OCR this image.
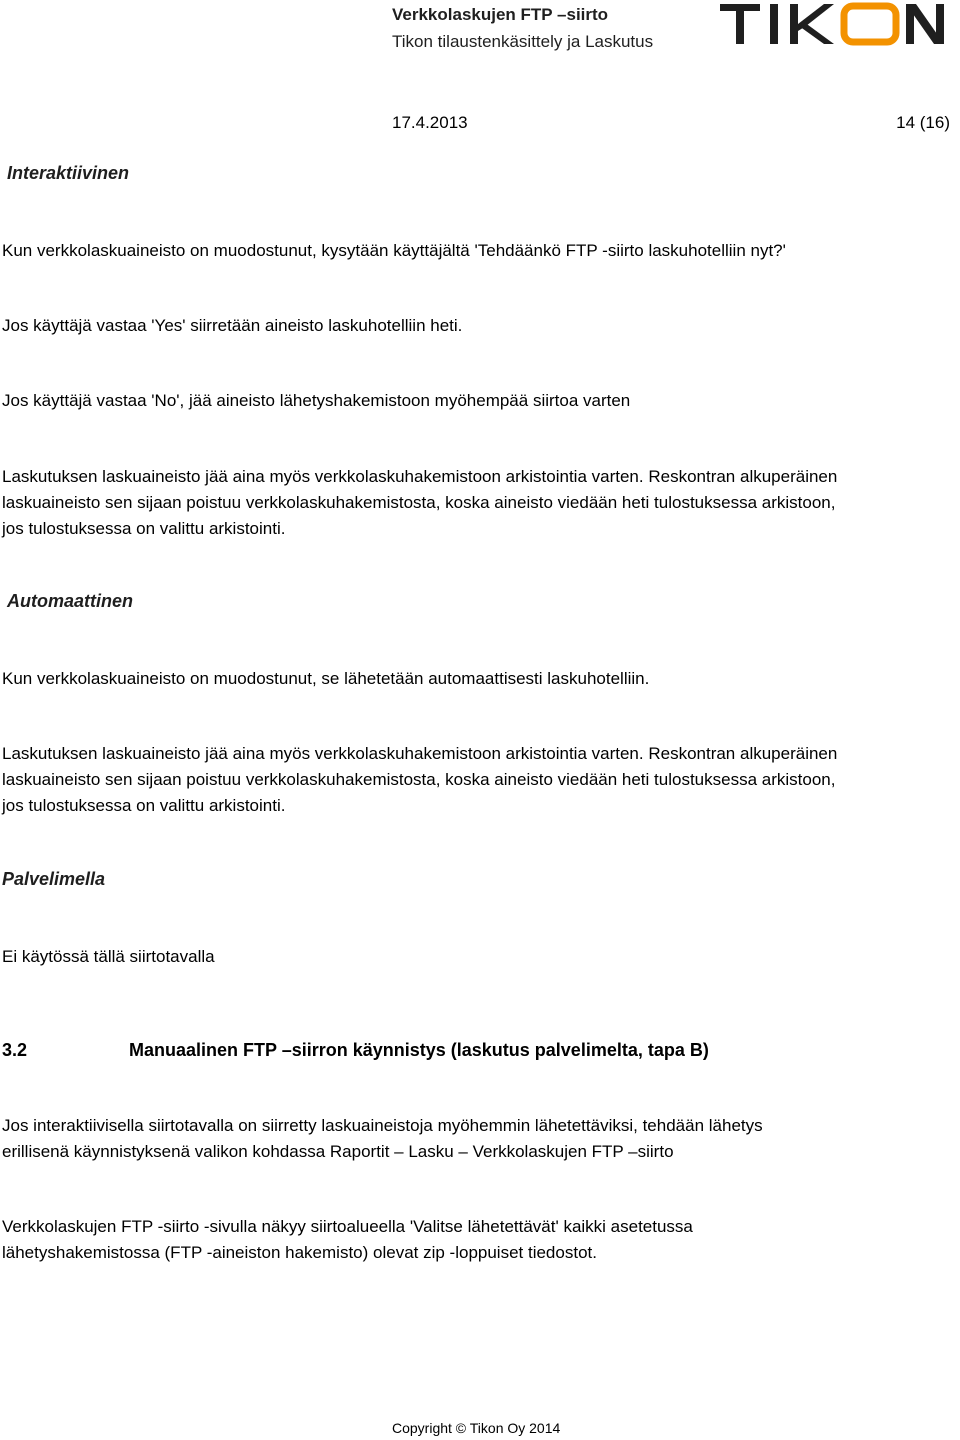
Verkkolaskujen FTP –siirto
Tikon tilaustenkäsittely ja Laskutus
17.4.2013	14 (16)
Interaktiivinen
Kun verkkolaskuaineisto on muodostunut, kysytään käyttäjältä 'Tehdäänkö FTP -siirto laskuhotelliin nyt?'
Jos käyttäjä vastaa 'Yes' siirretään aineisto laskuhotelliin heti.
Jos käyttäjä vastaa 'No', jää aineisto lähetyshakemistoon myöhempää siirtoa varten
Laskutuksen laskuaineisto jää aina myös verkkolaskuhakemistoon arkistointia varten. Reskontran alkuperäinen
laskuaineisto sen sijaan poistuu verkkolaskuhakemistosta, koska aineisto viedään heti tulostuksessa arkistoon,
jos tulostuksessa on valittu arkistointi.
Automaattinen
Kun verkkolaskuaineisto on muodostunut, se lähetetään automaattisesti laskuhotelliin.
Laskutuksen laskuaineisto jää aina myös verkkolaskuhakemistoon arkistointia varten. Reskontran alkuperäinen
laskuaineisto sen sijaan poistuu verkkolaskuhakemistosta, koska aineisto viedään heti tulostuksessa arkistoon,
jos tulostuksessa on valittu arkistointi.
Palvelimella
Ei käytössä tällä siirtotavalla
3.2	Manuaalinen FTP –siirron käynnistys (laskutus palvelimelta, tapa B)
Jos interaktiivisella siirtotavalla on siirretty laskuaineistoja myöhemmin lähetettäviksi, tehdään lähetys
erillisenä käynnistyksenä valikon kohdassa Raportit – Lasku – Verkkolaskujen FTP –siirto
Verkkolaskujen FTP -siirto -sivulla näkyy siirtoalueella 'Valitse lähetettävät' kaikki asetetussa
lähetyshakemistossa (FTP -aineiston hakemisto) olevat zip -loppuiset tiedostot.
Copyright © Tikon Oy 2014
